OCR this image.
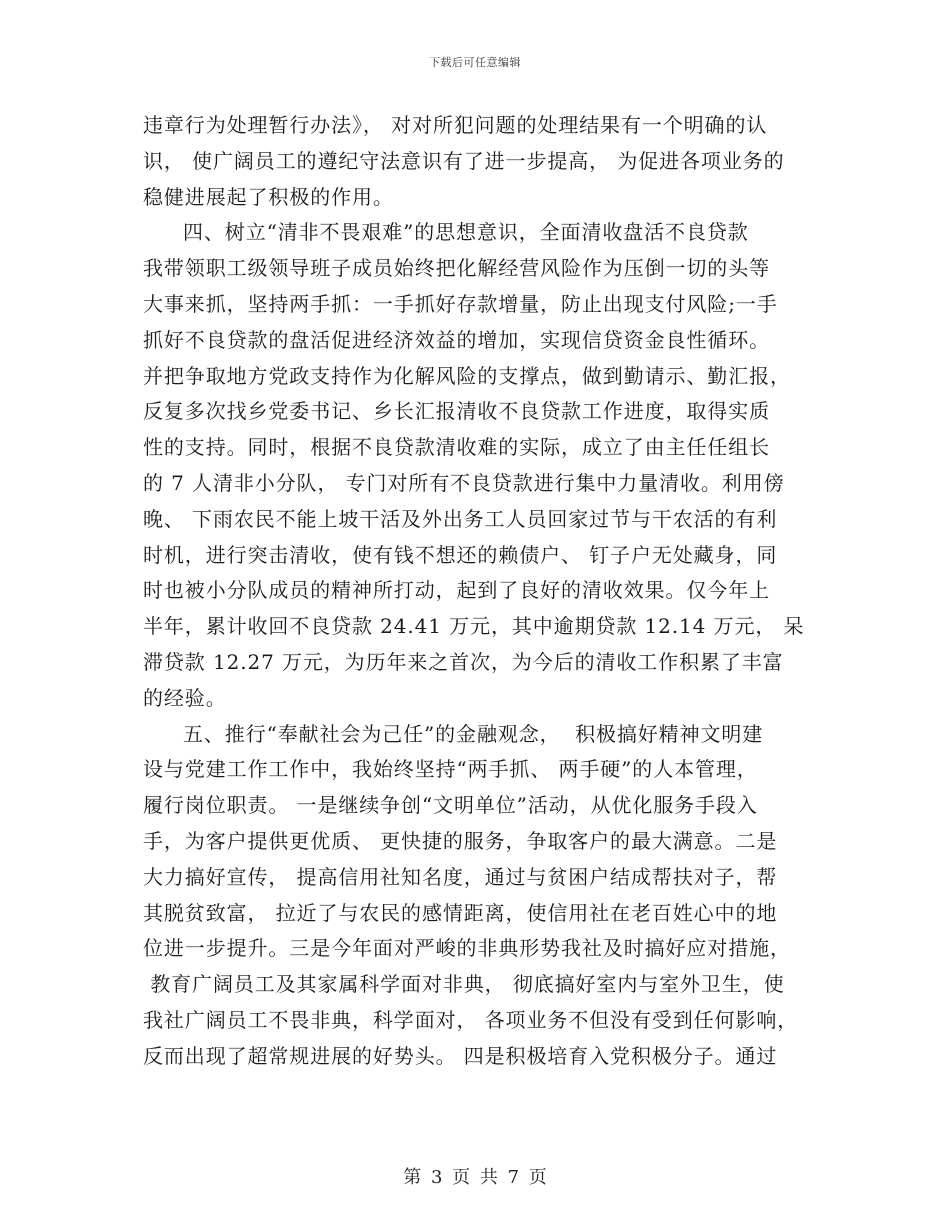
下载后可任意编辑
违章行为处理暂行办法》， 对对所犯问题的处理结果有一个明确的认
识， 使广阔员工的遵纪守法意识有了进一步提高， 为促进各项业务的
稳健进展起了积极的作用。
四、树立“清非不畏艰难”的思想意识，全面清收盘活不良贷款
我带领职工级领导班子成员始终把化解经营风险作为压倒一切的头等
大事来抓，坚持两手抓：一手抓好存款增量，防止出现支付风险;一手
抓好不良贷款的盘活促进经济效益的增加，实现信贷资金良性循环。
并把争取地方党政支持作为化解风险的支撑点，做到勤请示、勤汇报，
反复多次找乡党委书记、乡长汇报清收不良贷款工作进度，取得实质
性的支持。同时，根据不良贷款清收难的实际，成立了由主任任组长
的 7 人清非小分队， 专门对所有不良贷款进行集中力量清收。利用傍
晚、 下雨农民不能上坡干活及外出务工人员回家过节与干农活的有利
时机，进行突击清收，使有钱不想还的赖债户、 钉子户无处藏身，同
时也被小分队成员的精神所打动，起到了良好的清收效果。仅今年上
半年，累计收回不良贷款 24.41 万元，其中逾期贷款 12.14 万元， 呆
滞贷款 12.27 万元，为历年来之首次，为今后的清收工作积累了丰富
的经验。
五、推行“奉献社会为己任”的金融观念，  积极搞好精神文明建
设与党建工作工作中，我始终坚持“两手抓、 两手硬”的人本管理，
履行岗位职责。 一是继续争创“文明单位”活动，从优化服务手段入
手，为客户提供更优质、 更快捷的服务，争取客户的最大满意。二是
大力搞好宣传， 提高信用社知名度，通过与贫困户结成帮扶对子，帮
其脱贫致富， 拉近了与农民的感情距离，使信用社在老百姓心中的地
位进一步提升。三是今年面对严峻的非典形势我社及时搞好应对措施，
教育广阔员工及其家属科学面对非典， 彻底搞好室内与室外卫生，使
我社广阔员工不畏非典，科学面对， 各项业务不但没有受到任何影响，
反而出现了超常规进展的好势头。 四是积极培育入党积极分子。通过
第 3 页 共 7 页
